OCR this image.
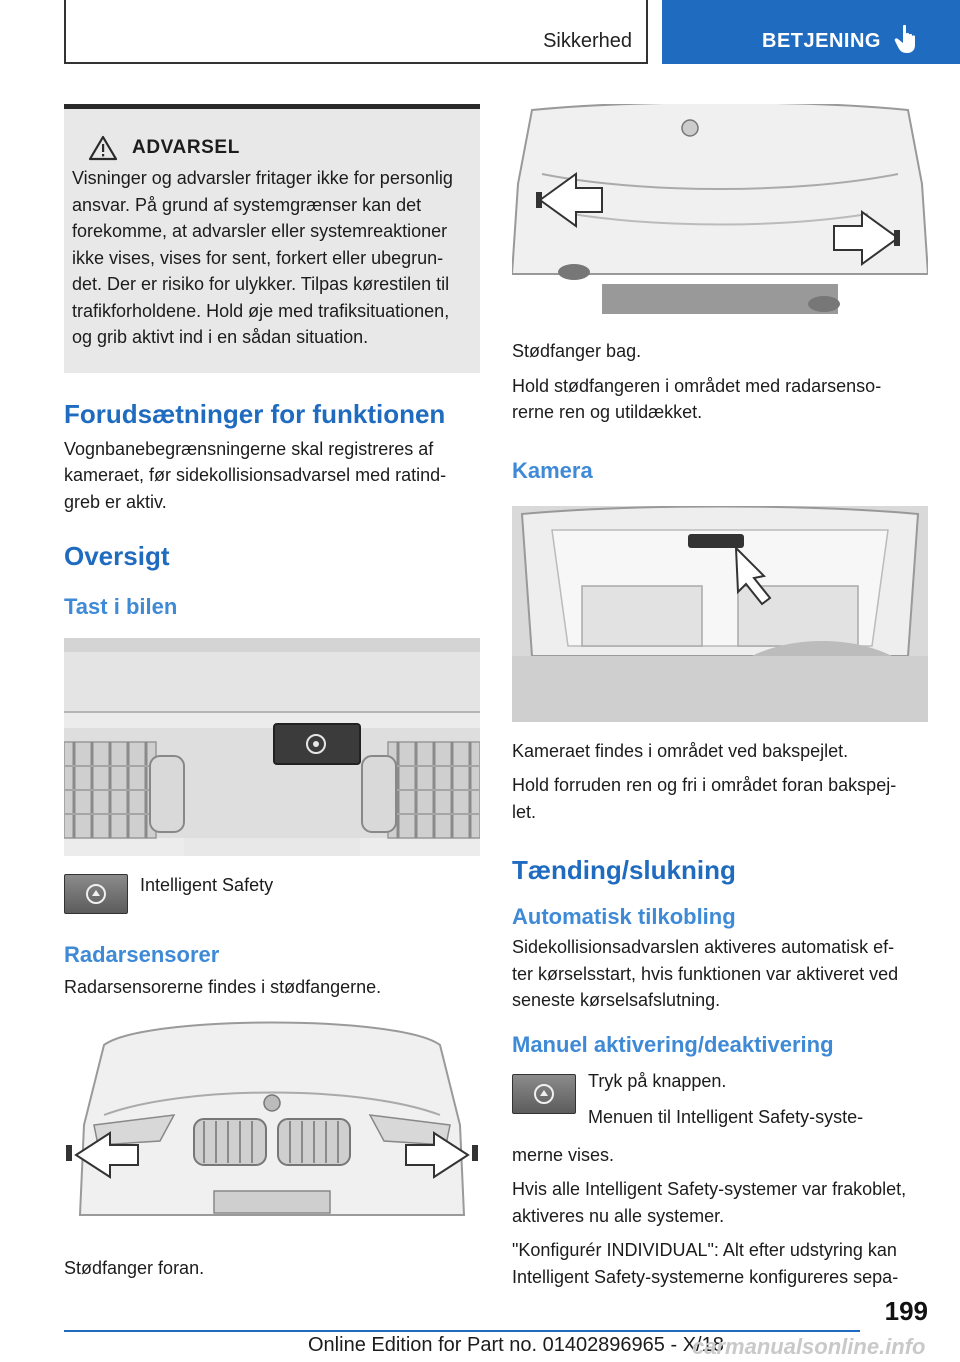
Sikkerhed	BETJENING
ADVARSEL
Visninger og advarsler fritager ikke for personlig
ansvar. På grund af systemgrænser kan det
forekomme, at advarsler eller systemreaktioner
ikke vises, vises for sent, forkert eller ubegrun-
det. Der er risiko for ulykker. Tilpas kørestilen til
trafikforholdene. Hold øje med trafiksituationen,
og grib aktivt ind i en sådan situation.
Forudsætninger for funktionen

Vognbanebegrænsningerne skal registreres af

kameraet, før sidekollisionsadvarsel med ratind-

greb er aktiv.

Oversigt
Tast i bilen
Intelligent Safety
Radarsensorer

Radarsensorerne findes i stødfangerne.

Stødfanger foran.

Stødfanger bag.

Hold stødfangeren i området med radarsenso-

rerne ren og utildækket.

Kamera

Kameraet findes i området ved bakspejlet.

Hold forruden ren og fri i området foran bakspej-

let.

Tænding/slukning
Automatisk tilkobling

Sidekollisionsadvarslen aktiveres automatisk ef-

ter kørselsstart, hvis funktionen var aktiveret ved

seneste kørselsafslutning.

Manuel aktivering/deaktivering

Tryk på knappen.

Menuen til Intelligent Safety-syste-

merne vises.

Hvis alle Intelligent Safety-systemer var frakoblet,

aktiveres nu alle systemer.

"Konfigurér INDIVIDUAL": Alt efter udstyring kan

Intelligent Safety-systemerne konfigureres sepa-

199
Online Edition for Part no. 01402896965 - X/18
carmanualsonline.info
